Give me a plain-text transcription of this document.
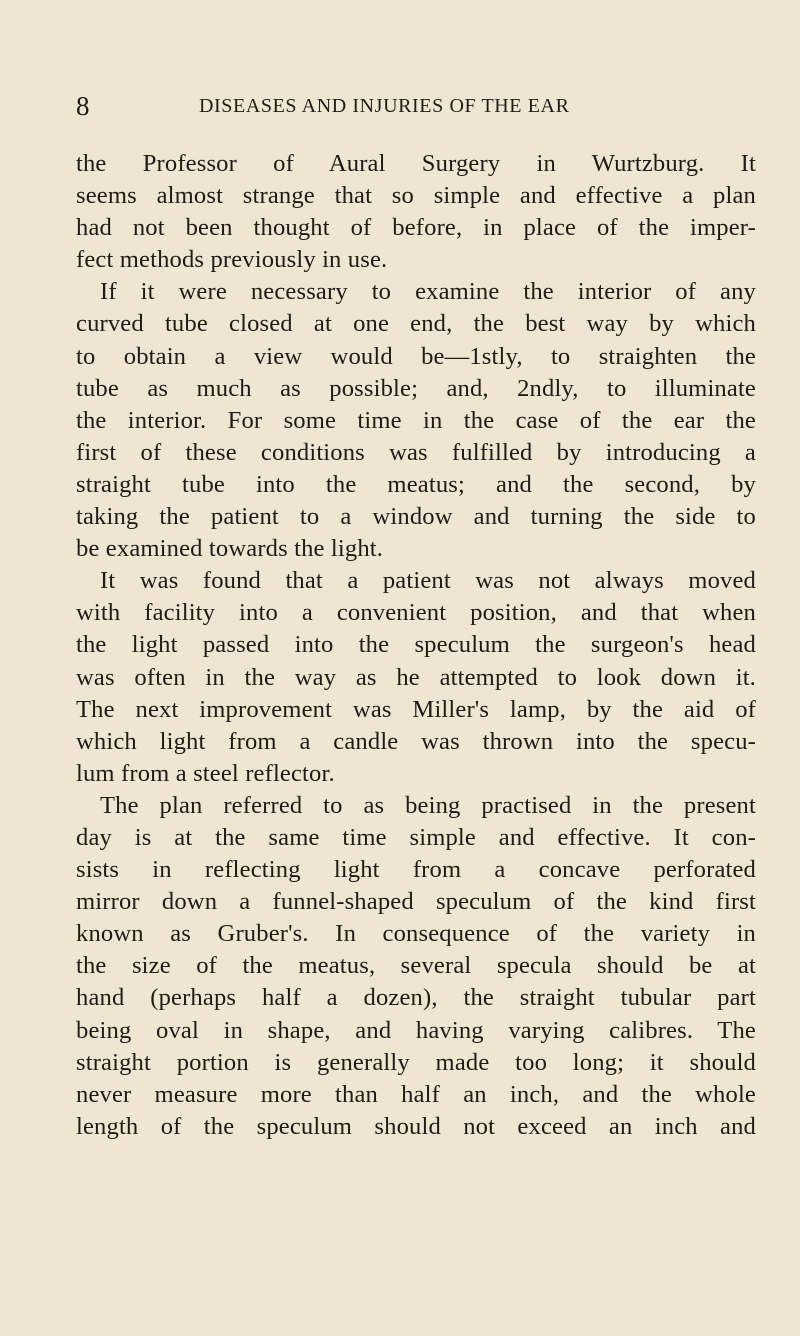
8	DISEASES AND INJURIES OF THE EAR
the Professor of Aural Surgery in Wurtzburg. It
seems almost strange that so simple and effective a plan
had not been thought of before, in place of the imper-
fect methods previously in use.
If it were necessary to examine the interior of any
curved tube closed at one end, the best way by which
to obtain a view would be—1stly, to straighten the
tube as much as possible; and, 2ndly, to illuminate
the interior. For some time in the case of the ear the
first of these conditions was fulfilled by introducing a
straight tube into the meatus; and the second, by
taking the patient to a window and turning the side to
be examined towards the light.
It was found that a patient was not always moved
with facility into a convenient position, and that when
the light passed into the speculum the surgeon's head
was often in the way as he attempted to look down it.
The next improvement was Miller's lamp, by the aid of
which light from a candle was thrown into the specu-
lum from a steel reflector.
The plan referred to as being practised in the present
day is at the same time simple and effective. It con-
sists in reflecting light from a concave perforated
mirror down a funnel-shaped speculum of the kind first
known as Gruber's. In consequence of the variety in
the size of the meatus, several specula should be at
hand (perhaps half a dozen), the straight tubular part
being oval in shape, and having varying calibres. The
straight portion is generally made too long; it should
never measure more than half an inch, and the whole
length of the speculum should not exceed an inch and
